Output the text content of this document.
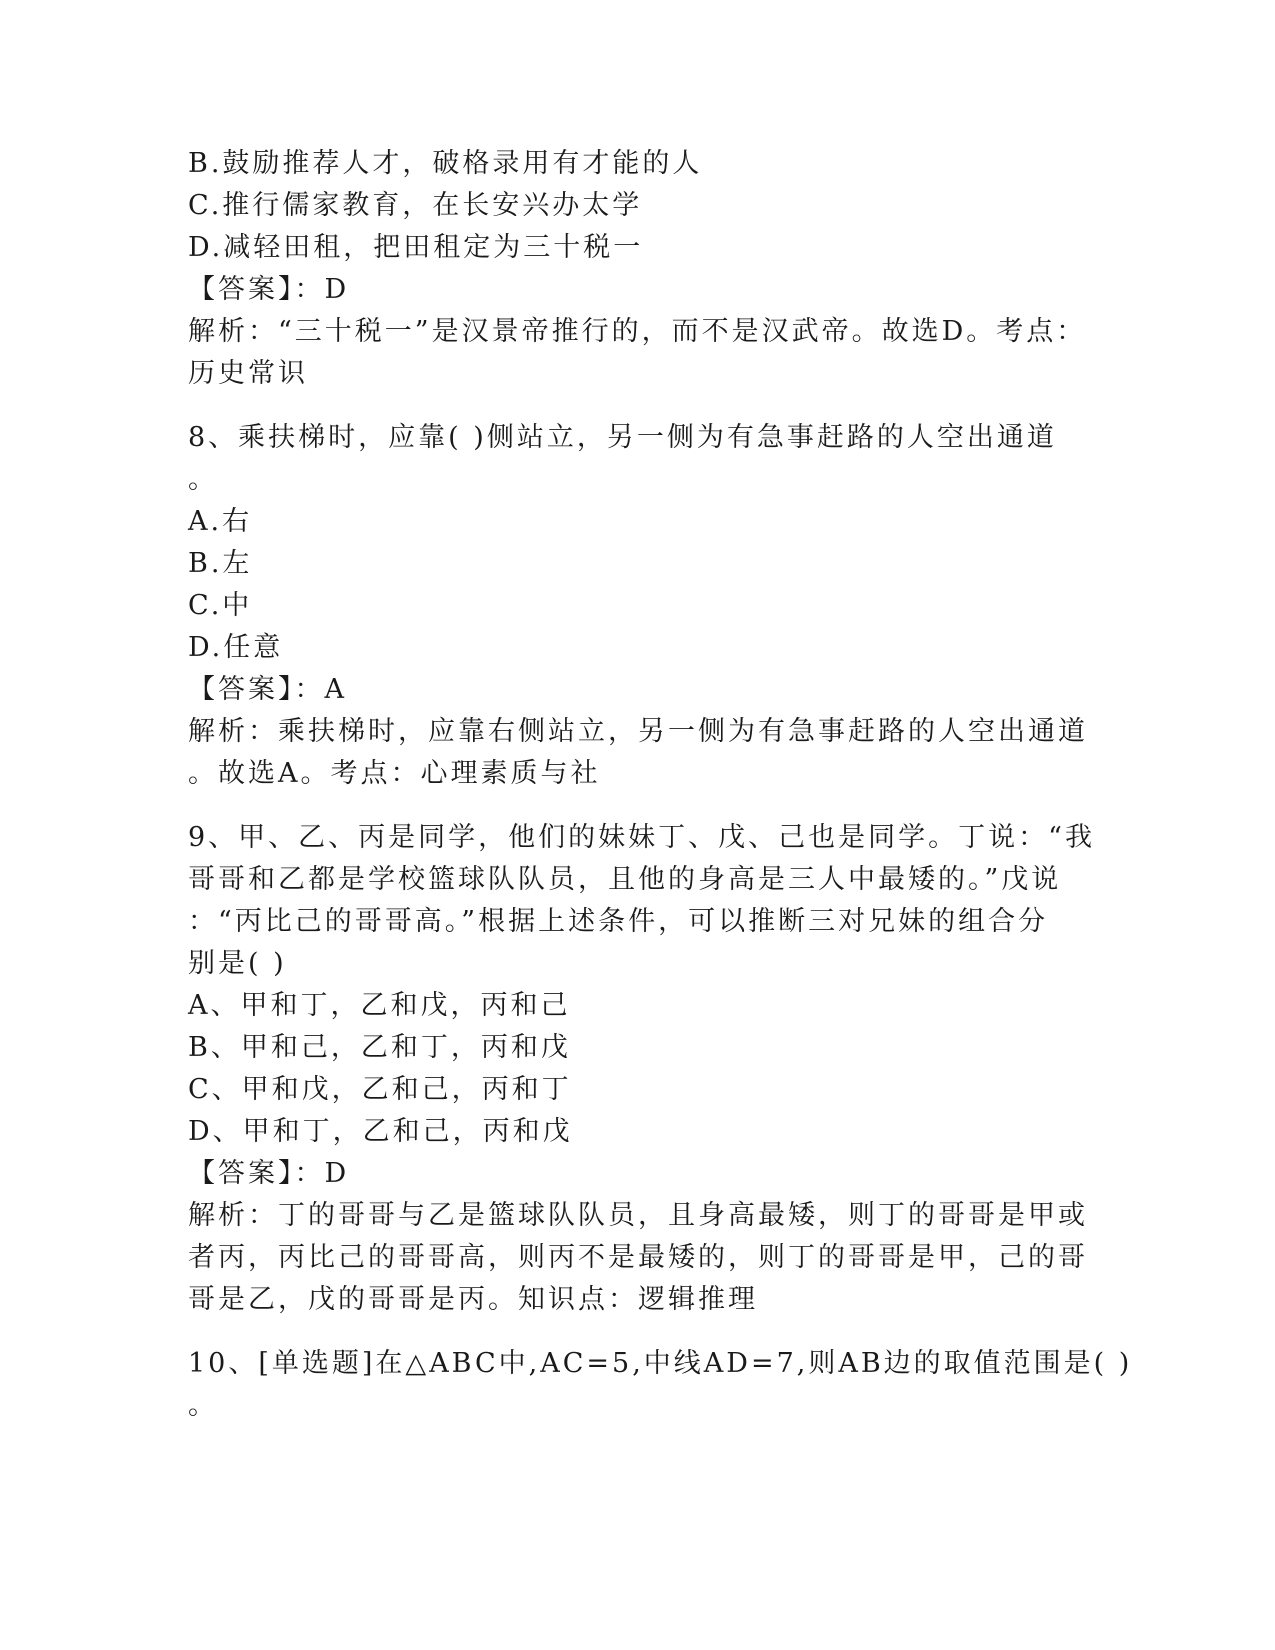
B.鼓励推荐人才，破格录用有才能的人
C.推行儒家教育，在长安兴办太学
D.减轻田租，把田租定为三十税一
【答案】：D
解析：“三十税一”是汉景帝推行的，而不是汉武帝。故选D。考点：
历史常识
8、乘扶梯时，应靠( )侧站立，另一侧为有急事赶路的人空出通道
。
A.右
B.左
C.中
D.任意
【答案】：A
解析：乘扶梯时，应靠右侧站立，另一侧为有急事赶路的人空出通道
。故选A。考点：心理素质与社
9、甲、乙、丙是同学，他们的妹妹丁、戊、己也是同学。丁说：“我
哥哥和乙都是学校篮球队队员，且他的身高是三人中最矮的。”戊说
：“丙比己的哥哥高。”根据上述条件，可以推断三对兄妹的组合分
别是( )
A、甲和丁，乙和戊，丙和己
B、甲和己，乙和丁，丙和戊
C、甲和戊，乙和己，丙和丁
D、甲和丁，乙和己，丙和戊
【答案】：D
解析：丁的哥哥与乙是篮球队队员，且身高最矮，则丁的哥哥是甲或
者丙，丙比己的哥哥高，则丙不是最矮的，则丁的哥哥是甲，己的哥
哥是乙，戊的哥哥是丙。知识点：逻辑推理
10、[单选题]在△ABC中,AC=5,中线AD=7,则AB边的取值范围是( )
。
